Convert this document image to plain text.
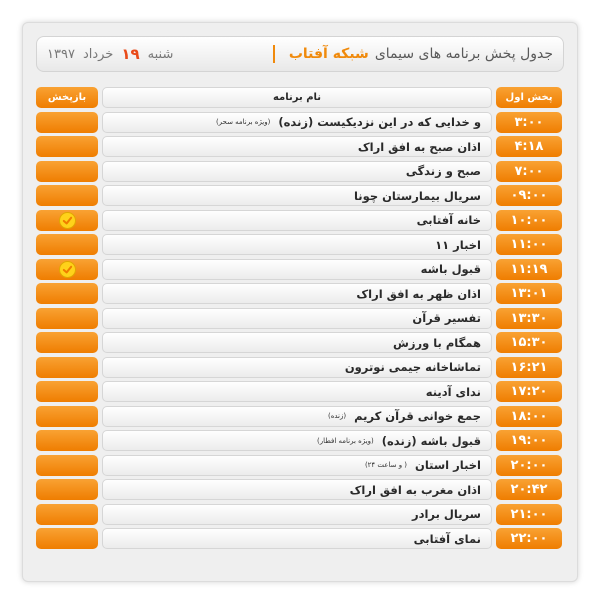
جدول پخش برنامه های سیمای
شبکه آفتاب
شنبه
۱۹
خرداد
۱۳۹۷
پخش اول
نام برنامه
بازپخش
۳:۰۰
و خدایی که در این نزدیکیست (زنده)
(ویژه برنامه سحر)
۴:۱۸
اذان صبح به افق اراک
۷:۰۰
صبح و زندگی
۰۹:۰۰
سریال بیمارستان چونا
۱۰:۰۰
خانه آفتابی
۱۱:۰۰
اخبار ۱۱
۱۱:۱۹
قبول باشه
۱۳:۰۱
اذان ظهر به افق اراک
۱۳:۳۰
تفسیر قرآن
۱۵:۳۰
همگام با ورزش
۱۶:۲۱
تماشاخانه جیمی نوترون
۱۷:۲۰
ندای آدینه
۱۸:۰۰
جمع خوانی قرآن کریم
(زنده)
۱۹:۰۰
قبول باشه (زنده)
(ویژه برنامه افطار)
۲۰:۰۰
اخبار استان
( و ساعت ۲۴)
۲۰:۴۲
اذان مغرب به افق اراک
۲۱:۰۰
سریال برادر
۲۲:۰۰
نمای آفتابی
